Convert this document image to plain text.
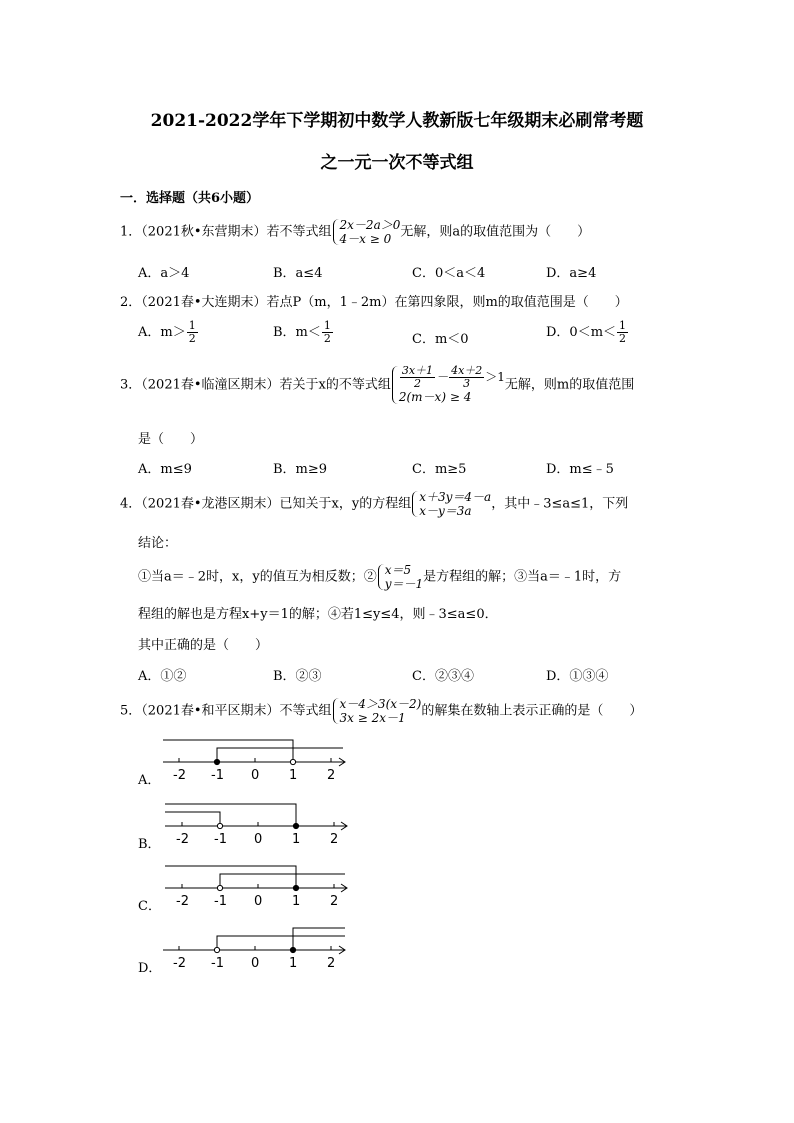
2021-2022学年下学期初中数学人教新版七年级期末必刷常考题
之一元一次不等式组
一．选择题（共6小题）
1．（2021秋•东营期末）若不等式组 2x－2a＞0
4－x ≥ 0 无解，则a的取值范围为（　　）
A．a＞4	B．a≤4	C．0＜a＜4	D．a≥4
2．（2021春•大连期末）若点P（m，1﹣2m）在第四象限，则m的取值范围是（　　）
A．$m> \frac{1}{2}$	B．$m< \frac{1}{2}$	C．m＜0	D．$0<m< \frac{1}{2}$
3．（2021春•临潼区期末）若关于x的不等式组 $\frac{3x+1}{2} - \frac{4x+2}{3} >1$
2(m－x) ≥ 4
无解，则m的取值范围
是（　　）
A．m≤9	B．m≥9	C．m≥5	D．m≤﹣5
4．（2021春•龙港区期末）已知关于x，y的方程组 x＋3y＝4－a
x－y＝3a	，其中﹣3≤a≤1，下列
结论：
①当a＝﹣2时，x，y的值互为相反数；② x＝5
y＝－1 是方程组的解；③当a＝﹣1时，方
程组的解也是方程x+y＝1的解；④若1≤y≤4，则﹣3≤a≤0．
其中正确的是（　　）
A．①②	B．②③	C．②③④	D．①③④
5．（2021春•和平区期末）不等式组 x－4＞3(x－2)
3x ≥ 2x－1	的解集在数轴上表示正确的是（　　）
A．
B．
C．
D．
-2 -1 0 1 2
-2 -1 0 1 2
-2 -1 0 1 2
-2 -1 0 1 2
